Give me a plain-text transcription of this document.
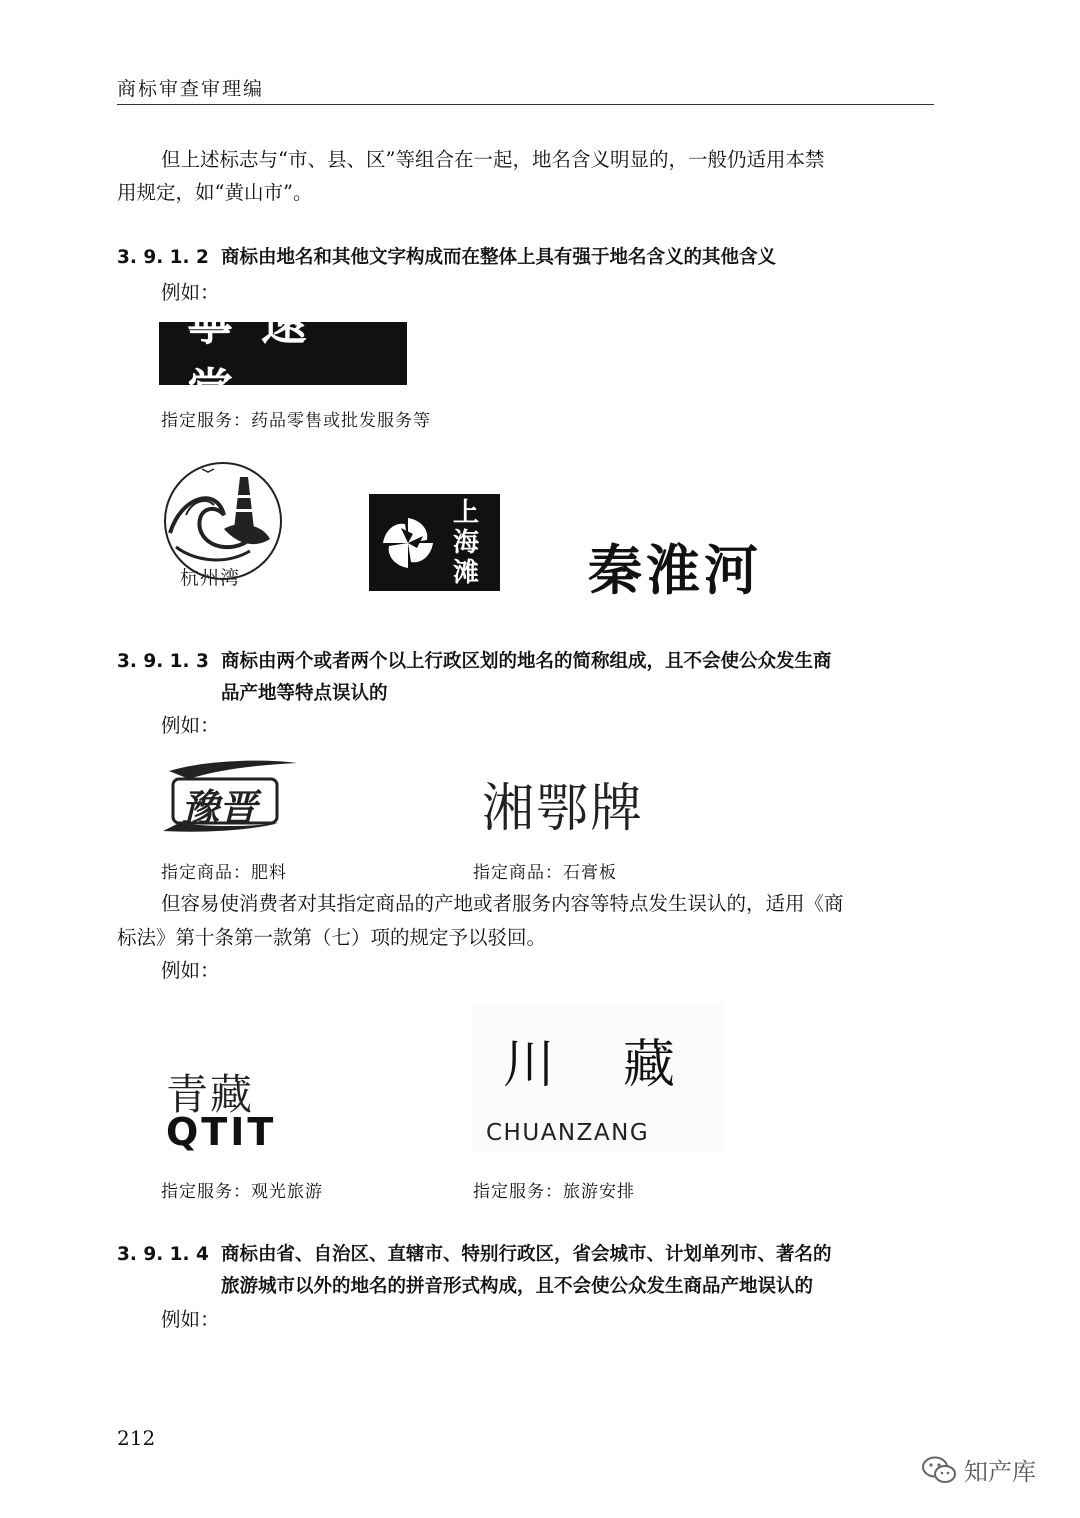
商标审查审理编
但上述标志与“市、县、区”等组合在一起，地名含义明显的，一般仍适用本禁
用规定，如“黄山市”。
3. 9. 1. 2 商标由地名和其他文字构成而在整体上具有强于地名含义的其他含义
例如：
寧遠堂
指定服务：药品零售或批发服务等
杭州湾
上
海
滩 秦淮河
3. 9. 1. 3 商标由两个或者两个以上行政区划的地名的简称组成，且不会使公众发生商
品产地等特点误认的
例如：
豫晋	湘鄂牌
指定商品：肥料	指定商品：石膏板
但容易使消费者对其指定商品的产地或者服务内容等特点发生误认的，适用《商
标法》第十条第一款第（七）项的规定予以驳回。
例如：
青藏
QTIT
川 藏
CHUANZANG
指定服务：观光旅游	指定服务：旅游安排
3. 9. 1. 4 商标由省、自治区、直辖市、特别行政区，省会城市、计划单列市、著名的
旅游城市以外的地名的拼音形式构成，且不会使公众发生商品产地误认的
例如：
212
知产库
